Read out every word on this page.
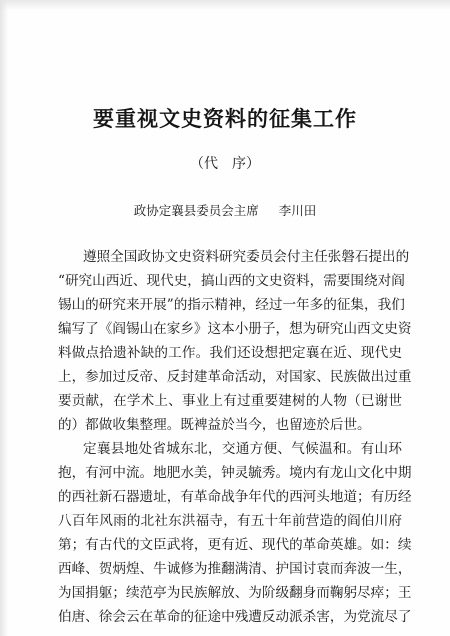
要重视文史资料的征集工作
（代　序）
政协定襄县委员会主席 李川田
遵照全国政协文史资料研究委员会付主任张磐石提出的
“研究山西近、现代史，搞山西的文史资料，需要围绕对阎
锡山的研究来开展”的指示精神，经过一年多的征集，我们
编写了《阎锡山在家乡》这本小册子，想为研究山西文史资
料做点拾遗补缺的工作。我们还设想把定襄在近、现代史
上，参加过反帝、反封建革命活动，对国家、民族做出过重
要贡献，在学术上、事业上有过重要建树的人物（已谢世
的）都做收集整理。既裨益於当今，也留迹於后世。
定襄县地处省城东北，交通方便、气候温和。有山环
抱，有河中流。地肥水美，钟灵毓秀。境内有龙山文化中期
的西社新石器遗址，有革命战争年代的西河头地道；有历经
八百年风雨的北社东洪福寺，有五十年前营造的阎伯川府
第；有古代的文臣武将，更有近、现代的革命英雄。如：续
西峰、贺炳煌、牛诚修为推翻满清、护国讨袁而奔波一生，
为国捐躯；续范亭为民族解放、为阶级翻身而鞠躬尽瘁；王
伯唐、徐会云在革命的征途中残遭反动派杀害，为党流尽了
